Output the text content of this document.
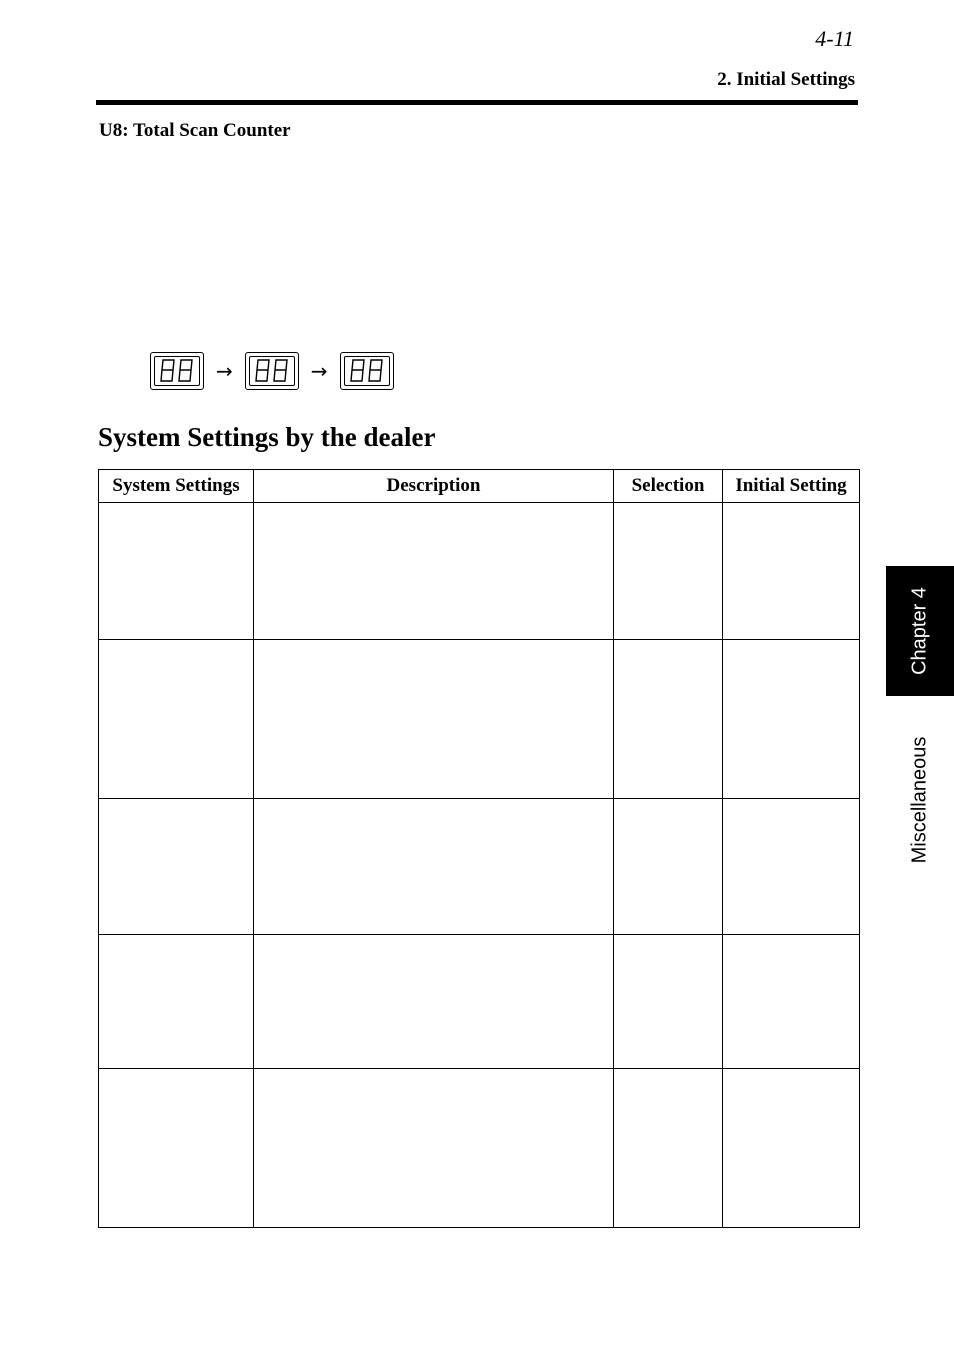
4-11
2. Initial Settings
U8: Total Scan Counter
→	→
System Settings by the dealer
System Settings	Description	Selection	Initial Setting

Chapter 4
Miscellaneous
